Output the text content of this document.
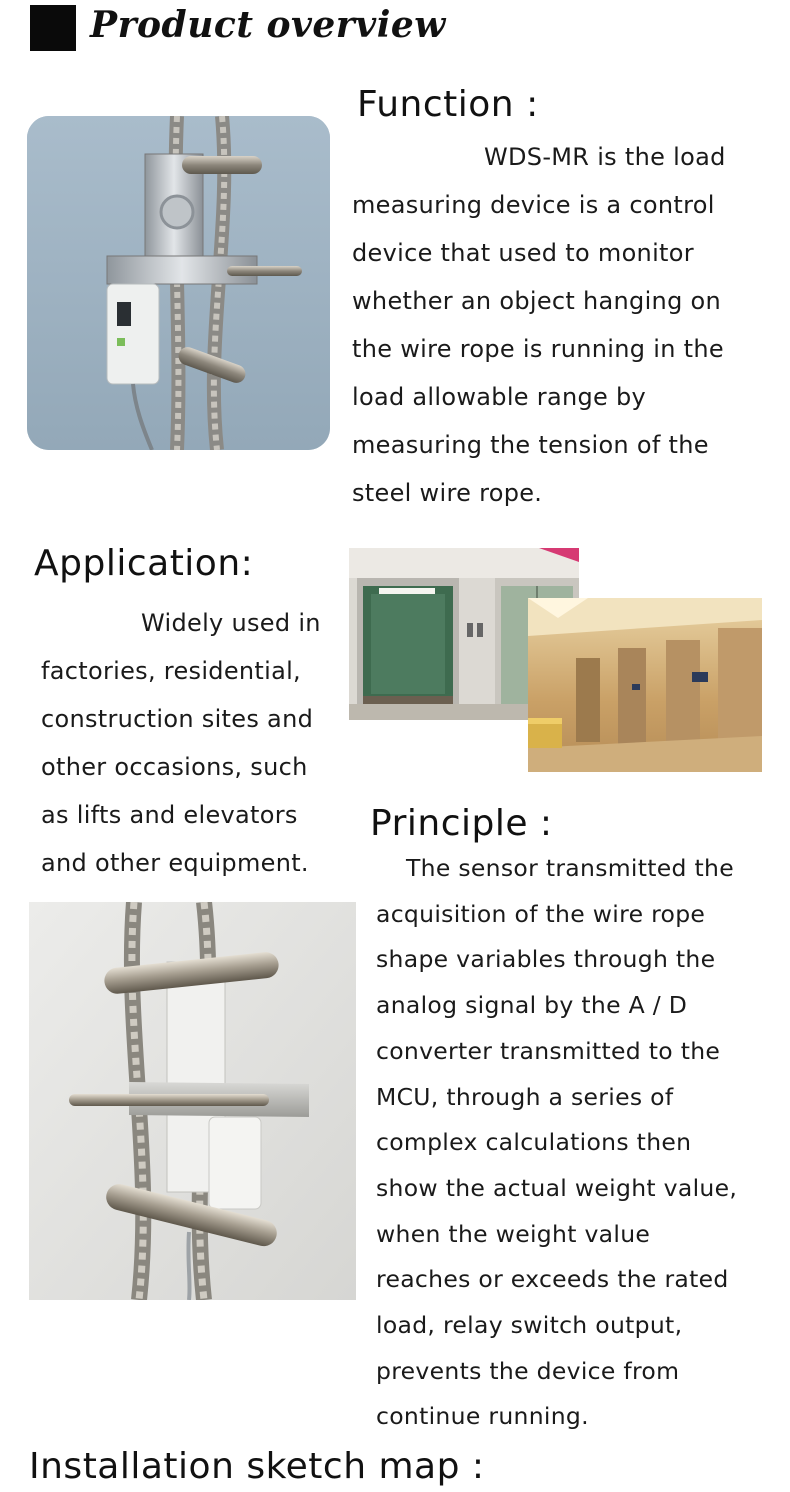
Product overview
Function :
WDS-MR is the load
measuring device is a control
device that used to monitor
whether an object hanging on
the wire rope is running in the
load allowable range by
measuring the tension of the
steel wire rope.
Application:
Widely used in
factories, residential,
construction sites and
other occasions, such
as lifts and elevators
and other equipment.
Principle :
The sensor transmitted the
acquisition of the wire rope
shape variables through the
analog signal by the A / D
converter transmitted to the
MCU, through a series of
complex calculations then
show the actual weight value,
when the weight value
reaches or exceeds the rated
load, relay switch output,
prevents the device from
continue running.
Installation sketch map :
